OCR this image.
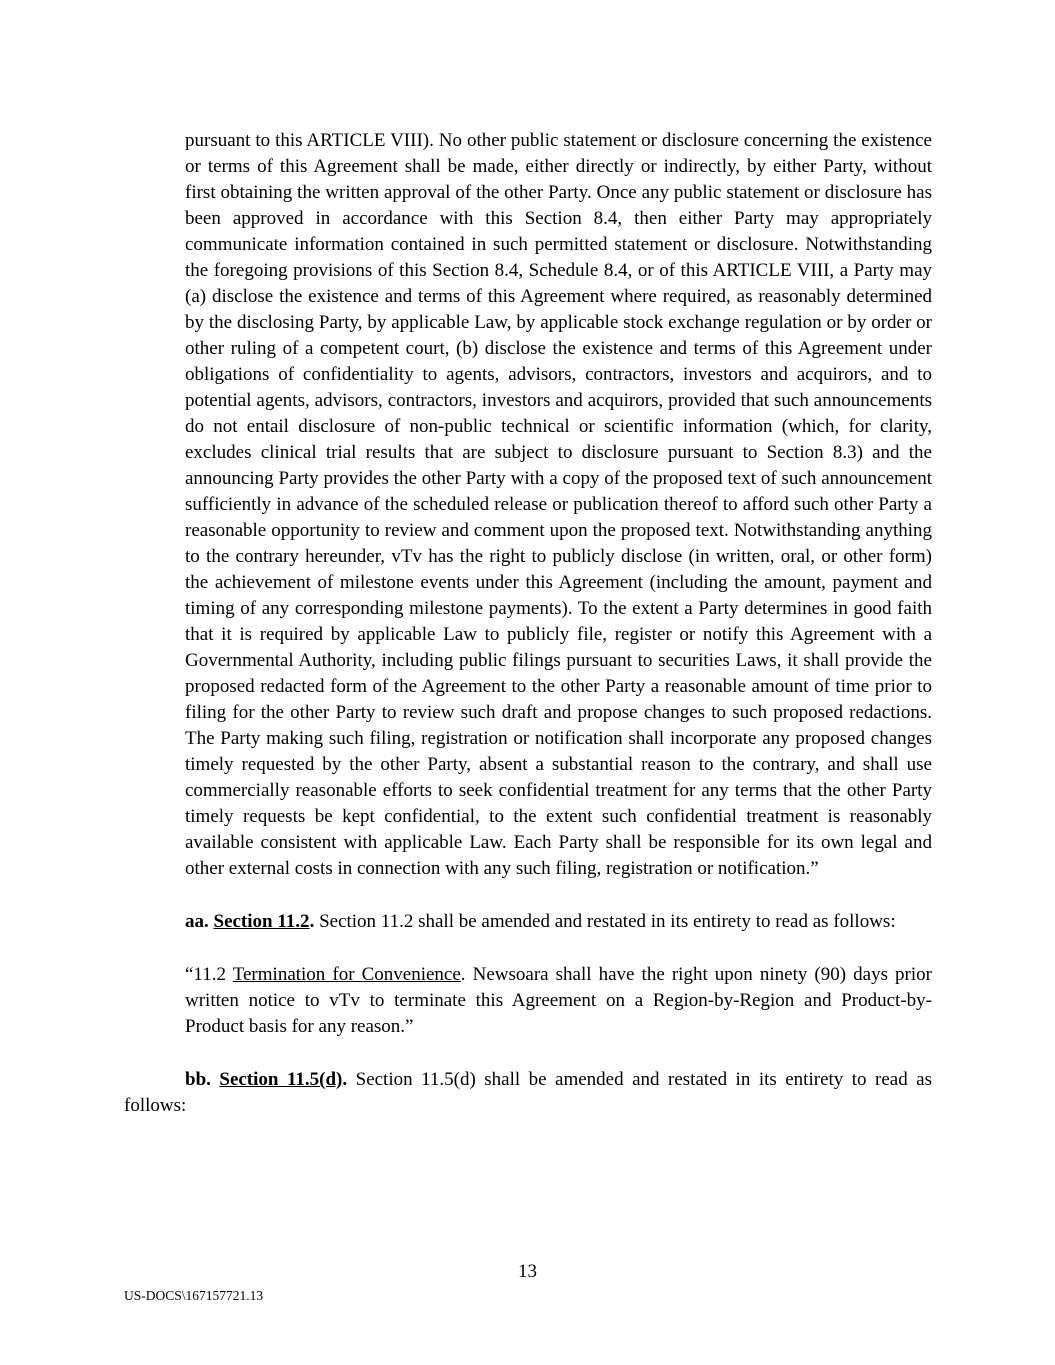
pursuant to this ARTICLE VIII). No other public statement or disclosure concerning the existence or terms of this Agreement shall be made, either directly or indirectly, by either Party, without first obtaining the written approval of the other Party. Once any public statement or disclosure has been approved in accordance with this Section 8.4, then either Party may appropriately communicate information contained in such permitted statement or disclosure. Notwithstanding the foregoing provisions of this Section 8.4, Schedule 8.4, or of this ARTICLE VIII, a Party may (a) disclose the existence and terms of this Agreement where required, as reasonably determined by the disclosing Party, by applicable Law, by applicable stock exchange regulation or by order or other ruling of a competent court, (b) disclose the existence and terms of this Agreement under obligations of confidentiality to agents, advisors, contractors, investors and acquirors, and to potential agents, advisors, contractors, investors and acquirors, provided that such announcements do not entail disclosure of non-public technical or scientific information (which, for clarity, excludes clinical trial results that are subject to disclosure pursuant to Section 8.3) and the announcing Party provides the other Party with a copy of the proposed text of such announcement sufficiently in advance of the scheduled release or publication thereof to afford such other Party a reasonable opportunity to review and comment upon the proposed text. Notwithstanding anything to the contrary hereunder, vTv has the right to publicly disclose (in written, oral, or other form) the achievement of milestone events under this Agreement (including the amount, payment and timing of any corresponding milestone payments). To the extent a Party determines in good faith that it is required by applicable Law to publicly file, register or notify this Agreement with a Governmental Authority, including public filings pursuant to securities Laws, it shall provide the proposed redacted form of the Agreement to the other Party a reasonable amount of time prior to filing for the other Party to review such draft and propose changes to such proposed redactions. The Party making such filing, registration or notification shall incorporate any proposed changes timely requested by the other Party, absent a substantial reason to the contrary, and shall use commercially reasonable efforts to seek confidential treatment for any terms that the other Party timely requests be kept confidential, to the extent such confidential treatment is reasonably available consistent with applicable Law. Each Party shall be responsible for its own legal and other external costs in connection with any such filing, registration or notification.”

aa. Section 11.2. Section 11.2 shall be amended and restated in its entirety to read as follows:

“11.2 Termination for Convenience. Newsoara shall have the right upon ninety (90) days prior written notice to vTv to terminate this Agreement on a Region-by-Region and Product-by- Product basis for any reason.”

bb. Section 11.5(d). Section 11.5(d) shall be amended and restated in its entirety to read as follows:

13
US-DOCS\167157721.13
